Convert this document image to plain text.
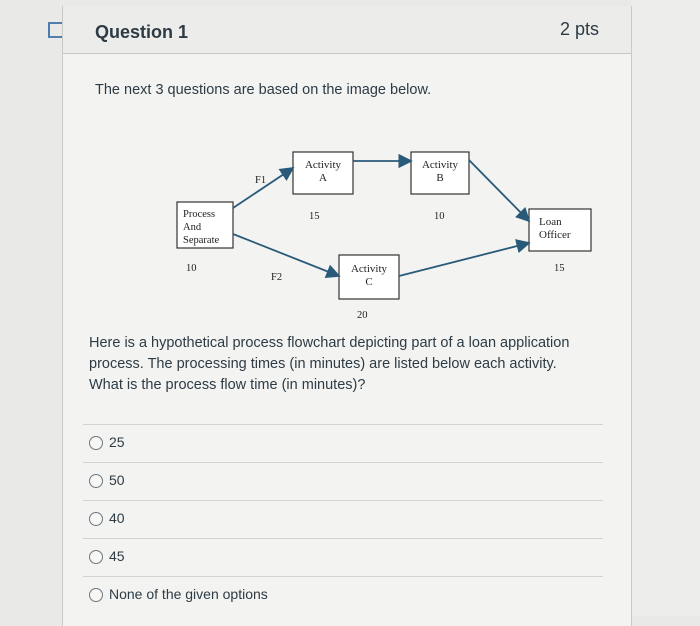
Question 1	2 pts
The next 3 questions are based on the image below.
Process
And
Separate
Activity
A
Activity
B
Activity
C
Loan
Officer
F1
F2
10
15	10
20
15

Here is a hypothetical process flowchart depicting part of a loan application

process. The processing times (in minutes) are listed below each activity.

What is the process flow time (in minutes)?

25
50
40
45
None of the given options
